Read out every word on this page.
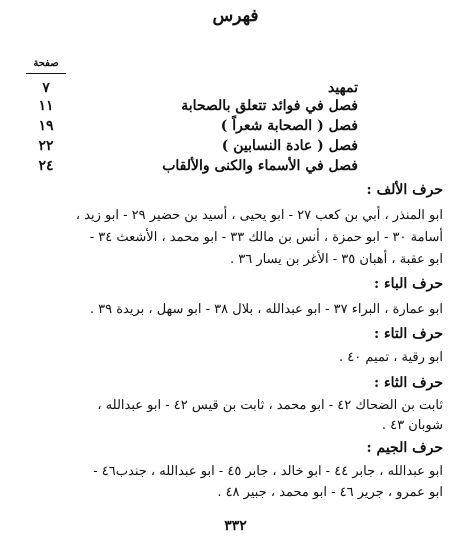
فهرس
صفحة
٧	تمهيد
١١	فصل في فوائد تتعلق بالصحابة
١٩	فصل ( الصحابة شعراً )
٢٢	فصل ( عادة النسابين )
٢٤	فصل في الأسماء والكنى والألقاب
حرف الألف :
ابو المنذر ، أبي بن كعب ٢٧ - ابو يحيى ، أسيد بن حضير ٢٩ - ابو زيد ،
أسامة ٣٠ - ابو حمزة ، أنس بن مالك ٣٣ - ابو محمد ، الأشعث ٣٤ -
ابو عقبة ، أهبان ٣٥ - الأغر بن يسار ٣٦ .
حرف الباء :
ابو عمارة ، البراء ٣٧ - ابو عبدالله ، بلال ٣٨ - ابو سهل ، بريدة ٣٩ .
حرف التاء :
ابو رقية ، تميم ٤٠ .
حرف الثاء :
ثابت بن الضحاك ٤٢ - ابو محمد ، ثابت بن قيس ٤٢ - ابو عبدالله ،
شوبان ٤٣ .
حرف الجيم :
ابو عبدالله ، جابر ٤٤ - ابو خالد ، جابر ٤٥ - ابو عبدالله ، جندب٤٦ -
ابو عمرو ، جرير ٤٦ - ابو محمد ، جبير ٤٨ .
٣٣٢
